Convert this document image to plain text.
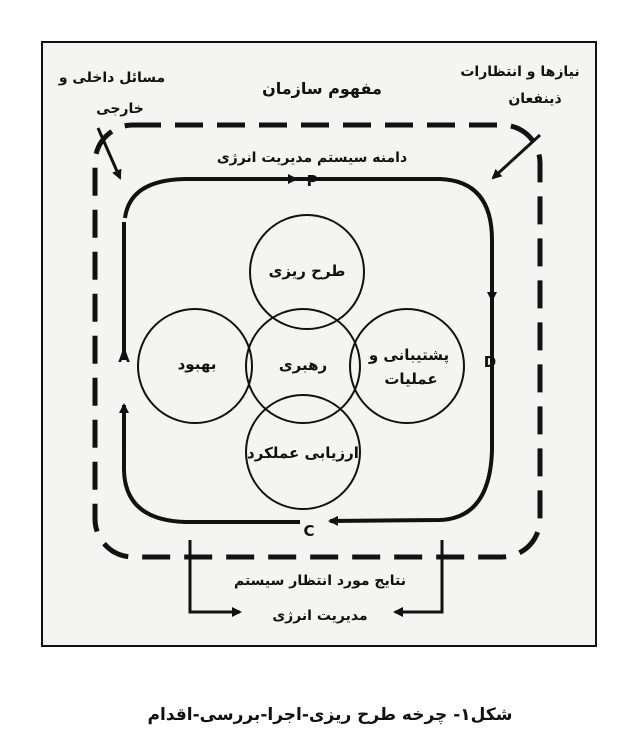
مسائل داخلی و
خارجی
نیازها و انتظارات
ذینفعان
مفهوم سازمان
دامنه سیستم مدیریت انرژی
P
D
C
A
طرح ریزی
بهبود	رهبری
پشتیبانی و
عملیات
ارزیابی عملکرد
نتایج مورد انتظار سیستم
مدیریت انرژی
شکل۱- چرخه طرح ریزی-اجرا-بررسی-اقدام
